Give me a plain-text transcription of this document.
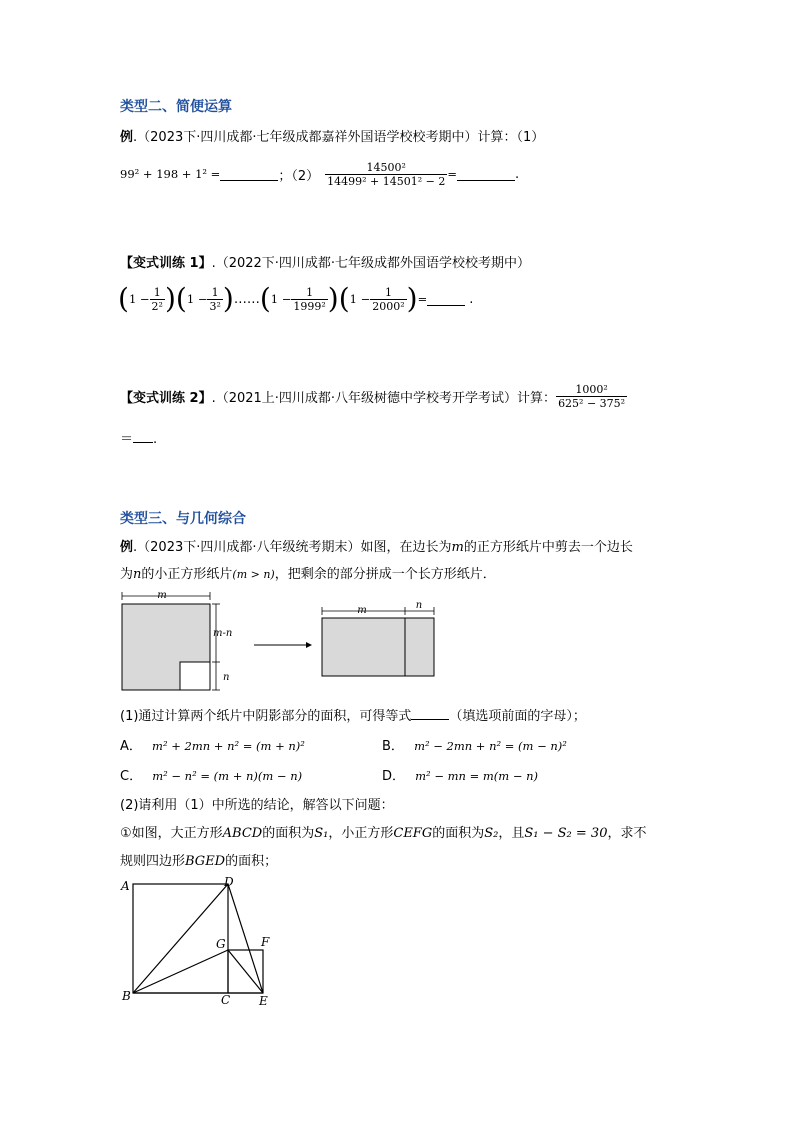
类型二、简便运算
例.（2023下·四川成都·七年级成都嘉祥外国语学校校考期中）计算：（1）
99² + 198 + 1² =	；$(2) \frac{\text{14500²}}{\text{14499² + 14501² − 2}}$ =	.
【变式训练 1】.（2022下·四川成都·七年级成都外国语学校校考期中）
( $1 - \frac{1}{\text{2²}}$ ) ( $1 - \frac{1}{\text{3²}}$ ) …… ( $1 - \frac{1}{\text{1999²}}$ ) ( $1 - \frac{1}{\text{2000²}}$ ) =	.
【变式训练 2】 .（2021上·四川成都·八年级树德中学校考开学考试）计算： $\frac{\text{1000²}}{\text{625² − 375²}}$
＝ .
类型三、与几何综合
例.（2023下·四川成都·八年级统考期末）如图，在边长为m的正方形纸片中剪去一个边长
为n的小正方形纸片(m > n)，把剩余的部分拼成一个长方形纸片．
m
m-n
n
m	n
(1)通过计算两个纸片中阴影部分的面积，可得等式	（填选项前面的字母）；
A． m² + 2mn + n² = (m + n)²	B． m² − 2mn + n² = (m − n)²
C． m² − n² = (m + n)(m − n)	D． m² − mn = m(m − n)
(2)请利用（1）中所选的结论，解答以下问题：
①如图，大正方形ABCD的面积为S₁，小正方形CEFG的面积为S₂，且S₁ − S₂ = 30，求不
规则四边形BGED的面积；
A
B	C
D
E
F
G
